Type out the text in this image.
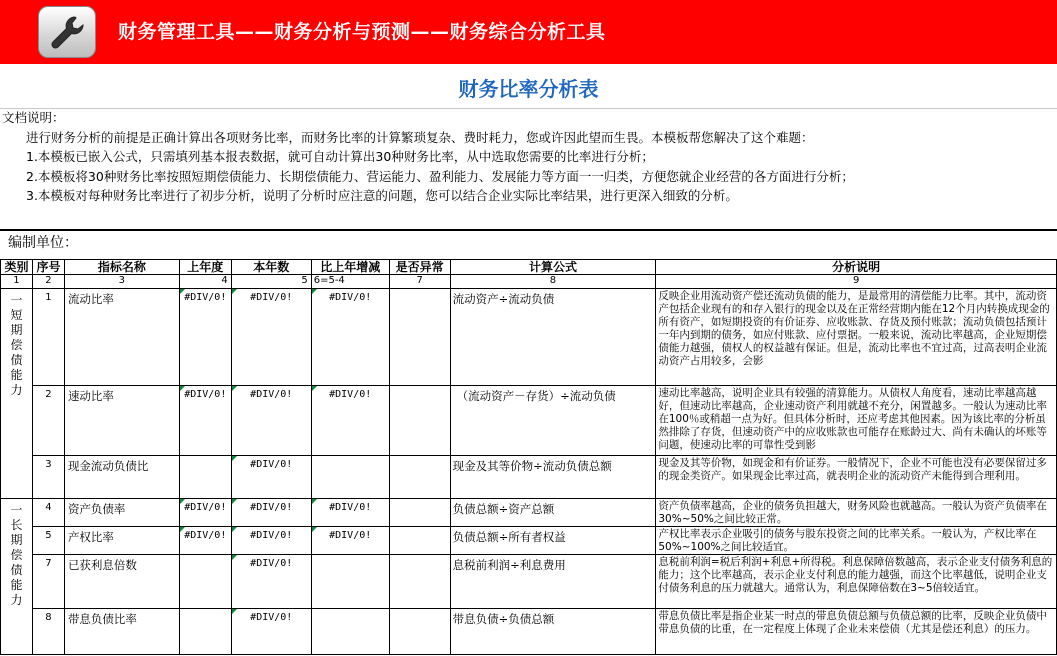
财务管理工具——财务分析与预测——财务综合分析工具
财务比率分析表
文档说明：
进行财务分析的前提是正确计算出各项财务比率，而财务比率的计算繁琐复杂、费时耗力，您或许因此望而生畏。本模板帮您解决了这个难题：
1.本模板已嵌入公式，只需填列基本报表数据，就可自动计算出30种财务比率，从中选取您需要的比率进行分析；
2.本模板将30种财务比率按照短期偿债能力、长期偿债能力、营运能力、盈利能力、发展能力等方面一一归类，方便您就企业经营的各方面进行分析；
3.本模板对每种财务比率进行了初步分析，说明了分析时应注意的问题，您可以结合企业实际比率结果，进行更深入细致的分析。
编制单位：
类别	序号	指标名称	上年度	本年数	比上年增减	是否异常	计算公式	分析说明
1	2	3	4	5	6=5-4	7	8	9

一短期偿债能力	1	流动比率	#DIV/0!	#DIV/0!	#DIV/0!		流动资产÷流动负债	反映企业用流动资产偿还流动负债的能力，是最常用的清偿能力比率。其中，流动资产包括企业现有的和存入银行的现金以及在正常经营期内能在12个月内转换成现金的所有资产，如短期投资的有价证券、应收账款、存货及预付账款；流动负债包括预计一年内到期的债务，如应付账款、应付票据。一般来说，流动比率越高，企业短期偿债能力越强，债权人的权益越有保证。但是，流动比率也不宜过高，过高表明企业流动资产占用较多，会影

	2	速动比率	#DIV/0!	#DIV/0!	#DIV/0!		（流动资产－存货）÷流动负债	速动比率越高，说明企业具有较强的清算能力。从债权人角度看，速动比率越高越好，但速动比率越高，企业速动资产利用就越不充分，闲置越多。一般认为速动比率在100％或稍超一点为好。但具体分析时，还应考虑其他因素。因为该比率的分析虽然排除了存货，但速动资产中的应收账款也可能存在账龄过大、尚有未确认的坏账等问题，使速动比率的可靠性受到影

	3	现金流动负债比		#DIV/0!			现金及其等价物÷流动负债总额	现金及其等价物，如现金和有价证券。一般情况下，企业不可能也没有必要保留过多的现金类资产。如果现金比率过高，就表明企业的流动资产未能得到合理利用。

一长期偿债能力	4	资产负债率	#DIV/0!	#DIV/0!	#DIV/0!		负债总额÷资产总额	资产负债率越高，企业的债务负担越大，财务风险也就越高。一般认为资产负债率在30%~50%之间比较正常。

	5	产权比率	#DIV/0!	#DIV/0!	#DIV/0!		负债总额÷所有者权益	产权比率表示企业吸引的债务与股东投资之间的比率关系。一般认为，产权比率在50%~100%之间比较适宜。

	7	已获利息倍数		#DIV/0!			息税前利润÷利息费用	息税前利润=税后利润+利息+所得税。利息保障倍数越高，表示企业支付债务利息的能力；这个比率越高，表示企业支付利息的能力越强，而这个比率越低，说明企业支付债务利息的压力就越大。通常认为，利息保障倍数在3~5倍较适宜。

	8	带息负债比率		#DIV/0!			带息负债÷负债总额	带息负债比率是指企业某一时点的带息负债总额与负债总额的比率，反映企业负债中带息负债的比重，在一定程度上体现了企业未来偿债（尤其是偿还利息）的压力。
